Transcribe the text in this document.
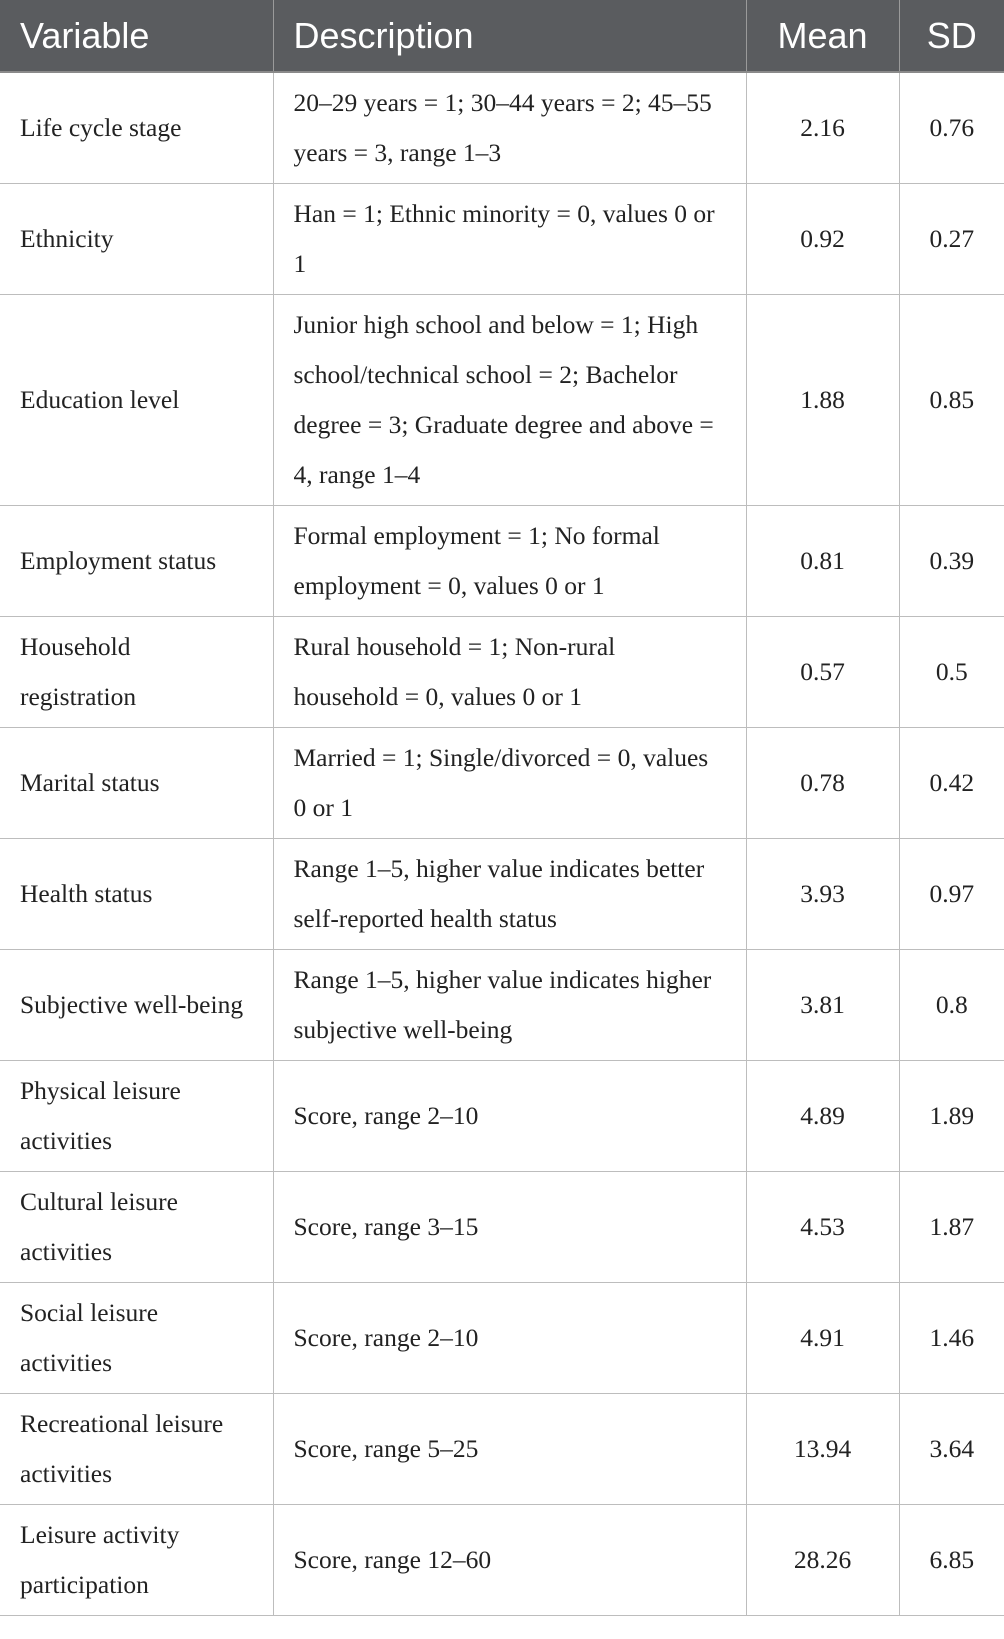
Variable	Description	Mean	SD
Life cycle stage	20–29 years = 1; 30–44 years = 2; 45–55 years = 3, range 1–3	2.16	0.76
Ethnicity	Han = 1; Ethnic minority = 0, values 0 or 1	0.92	0.27
Education level	Junior high school and below = 1; High school/technical school = 2; Bachelor degree = 3; Graduate degree and above = 4, range 1–4	1.88	0.85
Employment status	Formal employment = 1; No formal employment = 0, values 0 or 1	0.81	0.39
Household registration	Rural household = 1; Non-rural household = 0, values 0 or 1	0.57	0.5
Marital status	Married = 1; Single/divorced = 0, values 0 or 1	0.78	0.42
Health status	Range 1–5, higher value indicates better self-reported health status	3.93	0.97
Subjective well-being	Range 1–5, higher value indicates higher subjective well-being	3.81	0.8
Physical leisure activities	Score, range 2–10	4.89	1.89
Cultural leisure activities	Score, range 3–15	4.53	1.87
Social leisure activities	Score, range 2–10	4.91	1.46
Recreational leisure activities	Score, range 5–25	13.94	3.64
Leisure activity participation	Score, range 12–60	28.26	6.85
